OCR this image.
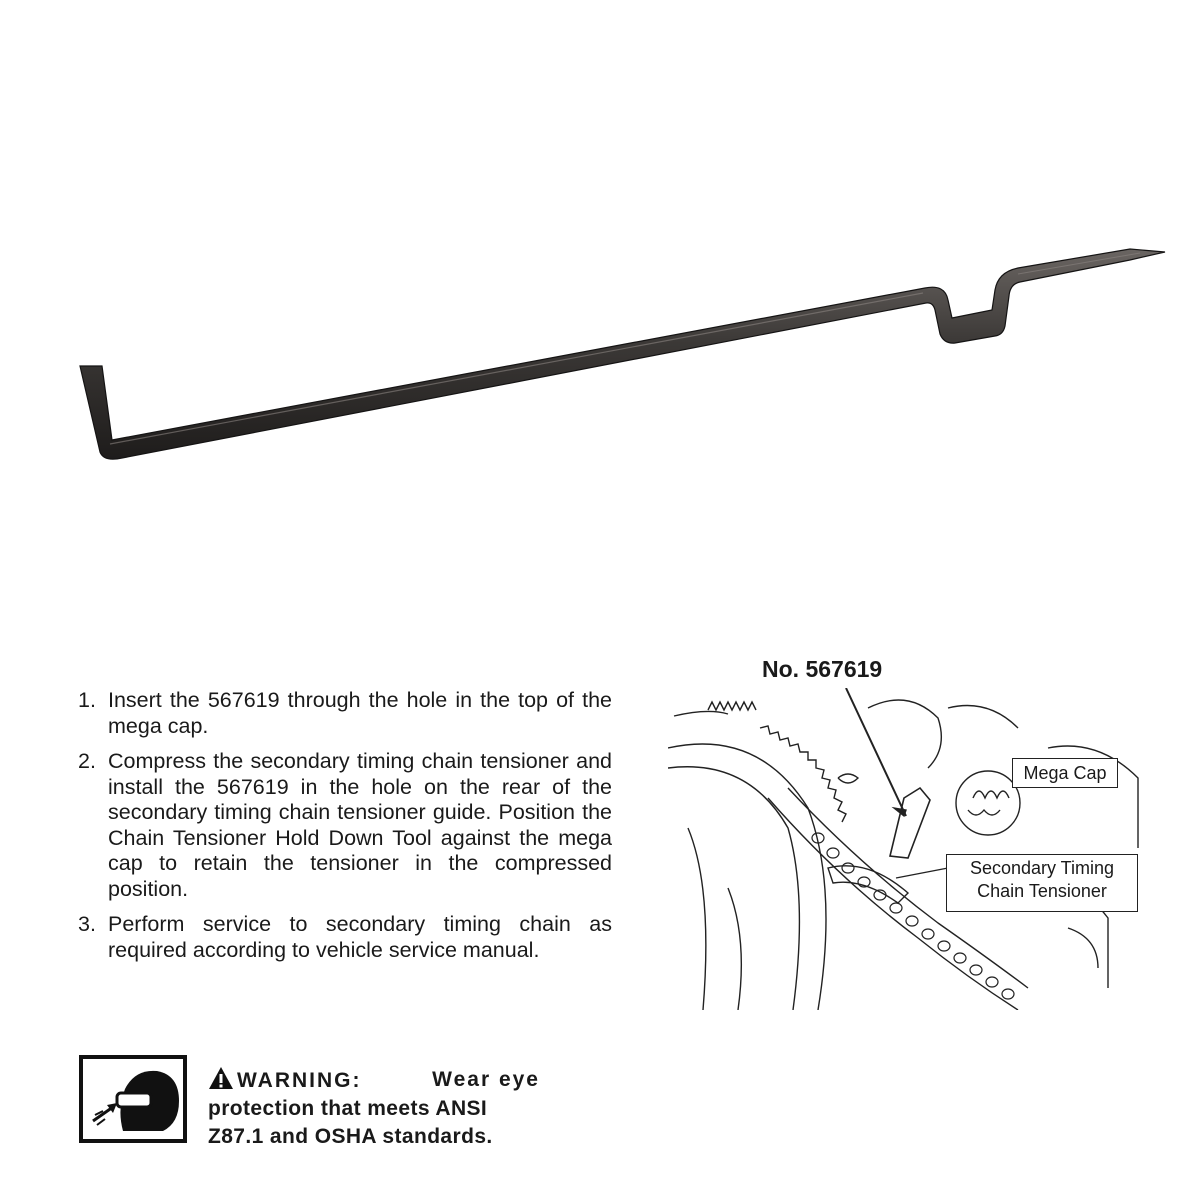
1. Insert the 567619 through the hole in the top of the mega cap.
2. Compress the secondary timing chain tensioner and install the 567619 in the hole on the rear of the secondary timing chain tensioner guide. Position the Chain Tensioner Hold Down Tool against the mega cap to retain the tensioner in the compressed position.
3. Perform service to secondary timing chain as required according to vehicle service manual.
No. 567619
Mega Cap
Secondary Timing
Chain Tensioner
WARNING:	Wear eye
protection that meets ANSI
Z87.1 and OSHA standards.
